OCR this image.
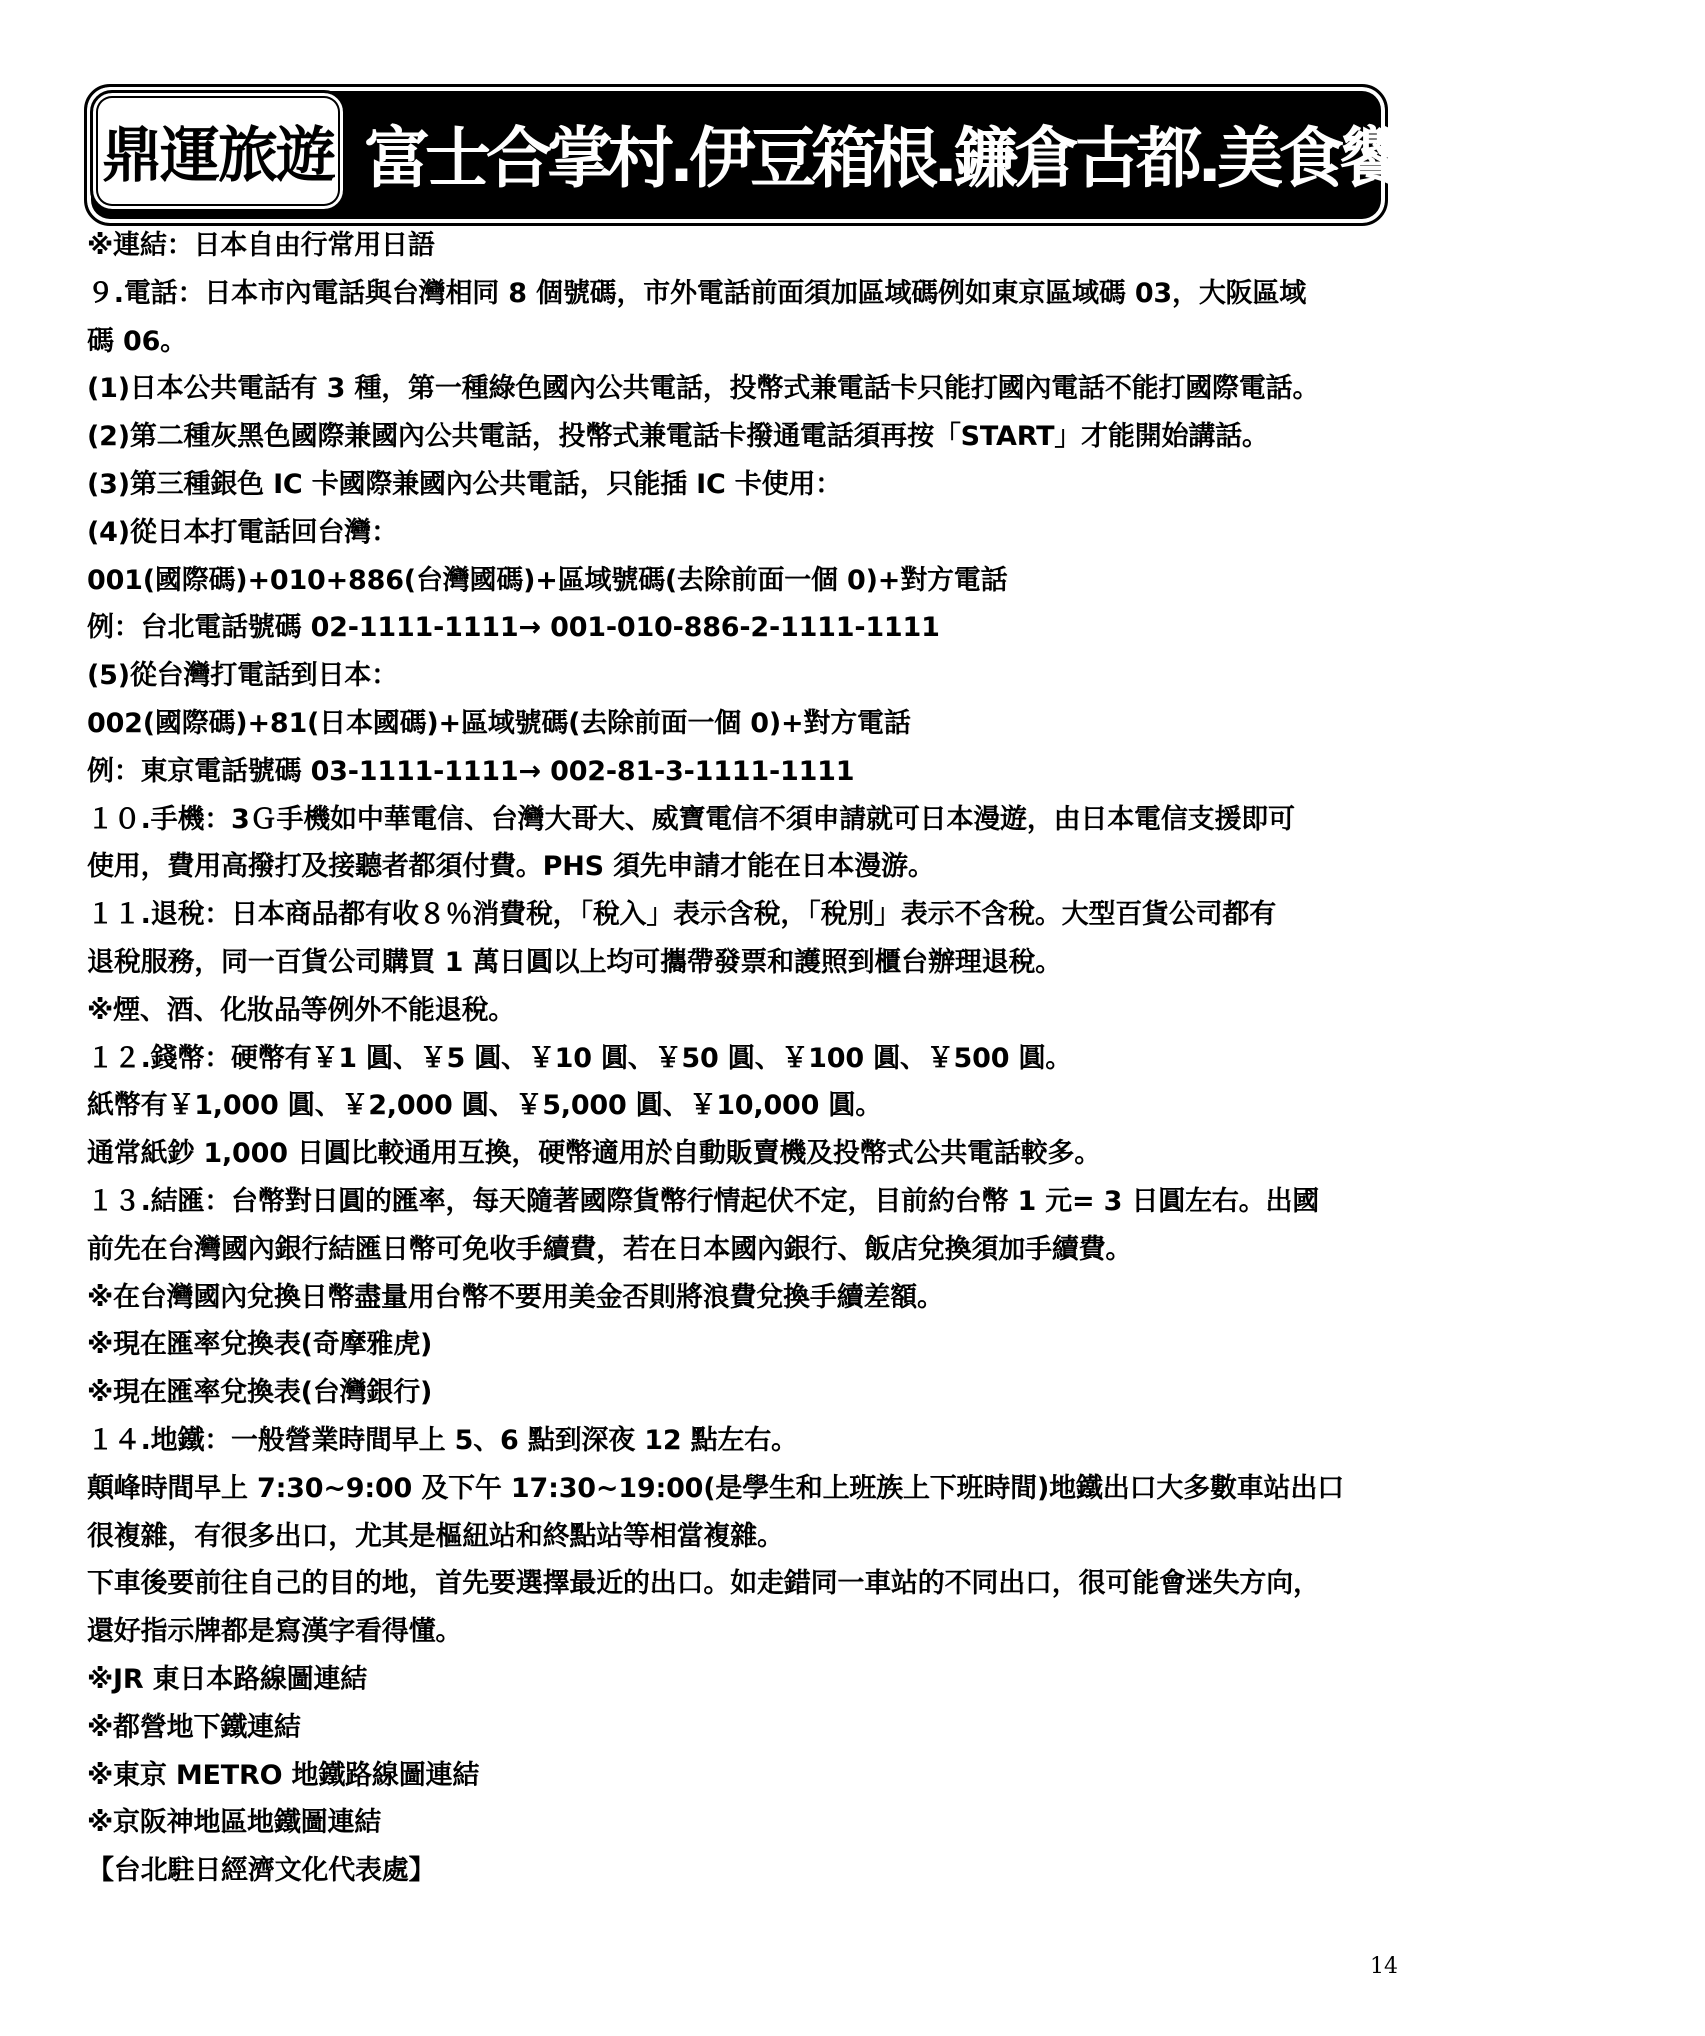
鼎運旅遊 富士合掌村.伊豆箱根.鐮倉古都.美食饗宴溫泉五日
※連結：日本自由行常用日語
９.電話：日本市內電話與台灣相同 8 個號碼，市外電話前面須加區域碼例如東京區域碼 03，大阪區域
碼 06。
(1)日本公共電話有 3 種，第一種綠色國內公共電話，投幣式兼電話卡只能打國內電話不能打國際電話。
(2)第二種灰黑色國際兼國內公共電話，投幣式兼電話卡撥通電話須再按「START」才能開始講話。
(3)第三種銀色 IC 卡國際兼國內公共電話，只能插 IC 卡使用：
(4)從日本打電話回台灣：
001(國際碼)+010+886(台灣國碼)+區域號碼(去除前面一個 0)+對方電話
例：台北電話號碼 02-1111-1111→ 001-010-886-2-1111-1111
(5)從台灣打電話到日本：
002(國際碼)+81(日本國碼)+區域號碼(去除前面一個 0)+對方電話
例：東京電話號碼 03-1111-1111→ 002-81-3-1111-1111
１０.手機：3Ｇ手機如中華電信、台灣大哥大、威寶電信不須申請就可日本漫遊，由日本電信支援即可
使用，費用高撥打及接聽者都須付費。PHS 須先申請才能在日本漫游。
１１.退稅：日本商品都有收８％消費稅，「稅入」表示含稅，「稅別」表示不含稅。大型百貨公司都有
退稅服務，同一百貨公司購買 1 萬日圓以上均可攜帶發票和護照到櫃台辦理退稅。
※煙、酒、化妝品等例外不能退稅。
１２.錢幣：硬幣有￥1 圓、￥5 圓、￥10 圓、￥50 圓、￥100 圓、￥500 圓。
紙幣有￥1,000 圓、￥2,000 圓、￥5,000 圓、￥10,000 圓。
通常紙鈔 1,000 日圓比較通用互換，硬幣適用於自動販賣機及投幣式公共電話較多。
１３.結匯：台幣對日圓的匯率，每天隨著國際貨幣行情起伏不定，目前約台幣 1 元= 3 日圓左右。出國
前先在台灣國內銀行結匯日幣可免收手續費，若在日本國內銀行、飯店兌換須加手續費。
※在台灣國內兌換日幣盡量用台幣不要用美金否則將浪費兌換手續差額。
※現在匯率兌換表(奇摩雅虎)
※現在匯率兌換表(台灣銀行)
１４.地鐵：一般營業時間早上 5、6 點到深夜 12 點左右。
顛峰時間早上 7:30~9:00 及下午 17:30~19:00(是學生和上班族上下班時間)地鐵出口大多數車站出口
很複雜，有很多出口，尤其是樞紐站和終點站等相當複雜。
下車後要前往自己的目的地，首先要選擇最近的出口。如走錯同一車站的不同出口，很可能會迷失方向，
還好指示牌都是寫漢字看得懂。
※JR 東日本路線圖連結
※都營地下鐵連結
※東京 METRO 地鐵路線圖連結
※京阪神地區地鐵圖連結
【台北駐日經濟文化代表處】
14
